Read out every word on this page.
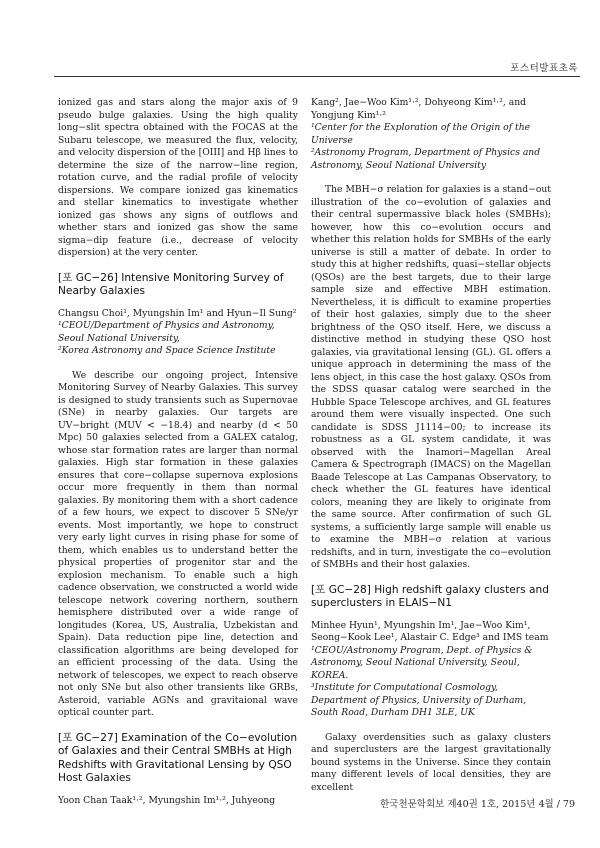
포스터발표초록

ionized gas and stars along the major axis of 9 pseudo bulge galaxies. Using the high quality long−slit spectra obtained with the FOCAS at the Subaru telescope, we measured the flux, velocity, and velocity dispersion of the [OIII] and Hβ lines to determine the size of the narrow−line region, rotation curve, and the radial profile of velocity dispersions. We compare ionized gas kinematics and stellar kinematics to investigate whether ionized gas shows any signs of outflows and whether stars and ionized gas show the same sigma−dip feature (i.e., decrease of velocity dispersion) at the very center.

[포 GC−26] Intensive Monitoring Survey of Nearby Galaxies

Changsu Choi¹, Myungshin Im¹ and Hyun−Il Sung²

¹CEOU/Department of Physics and Astronomy, Seoul National University,

²Korea Astronomy and Space Science Institute

We describe our ongoing project, Intensive Monitoring Survey of Nearby Galaxies. This survey is designed to study transients such as Supernovae (SNe) in nearby galaxies. Our targets are UV−bright (MUV < −18.4) and nearby (d < 50 Mpc) 50 galaxies selected from a GALEX catalog, whose star formation rates are larger than normal galaxies. High star formation in these galaxies ensures that core−collapse supernova explosions occur more frequently in them than normal galaxies. By monitoring them with a short cadence of a few hours, we expect to discover 5 SNe/yr events. Most importantly, we hope to construct very early light curves in rising phase for some of them, which enables us to understand better the physical properties of progenitor star and the explosion mechanism. To enable such a high cadence observation, we constructed a world wide telescope network covering northern, southern hemisphere distributed over a wide range of longitudes (Korea, US, Australia, Uzbekistan and Spain). Data reduction pipe line, detection and classification algorithms are being developed for an efficient processing of the data. Using the network of telescopes, we expect to reach observe not only SNe but also other transients like GRBs, Asteroid, variable AGNs and gravitaional wave optical counter part.

[포 GC−27] Examination of the Co−evolution of Galaxies and their Central SMBHs at High Redshifts with Gravitational Lensing by QSO Host Galaxies

Yoon Chan Taak¹·², Myungshin Im¹·², Juhyeong

Kang², Jae−Woo Kim¹·², Dohyeong Kim¹·², and Yongjung Kim¹·²

¹Center for the Exploration of the Origin of the Universe

²Astronomy Program, Department of Physics and Astronomy, Seoul National University

The MBH−σ relation for galaxies is a stand−out illustration of the co−evolution of galaxies and their central supermassive black holes (SMBHs); however, how this co−evolution occurs and whether this relation holds for SMBHs of the early universe is still a matter of debate. In order to study this at higher redshifts, quasi−stellar objects (QSOs) are the best targets, due to their large sample size and effective MBH estimation. Nevertheless, it is difficult to examine properties of their host galaxies, simply due to the sheer brightness of the QSO itself. Here, we discuss a distinctive method in studying these QSO host galaxies, via gravitational lensing (GL). GL offers a unique approach in determining the mass of the lens object, in this case the host galaxy. QSOs from the SDSS quasar catalog were searched in the Hubble Space Telescope archives, and GL features around them were visually inspected. One such candidate is SDSS J1114−00; to increase its robustness as a GL system candidate, it was observed with the Inamori−Magellan Areal Camera & Spectrograph (IMACS) on the Magellan Baade Telescope at Las Campanas Observatory, to check whether the GL features have identical colors, meaning they are likely to originate from the same source. After confirmation of such GL systems, a sufficiently large sample will enable us to examine the MBH−σ relation at various redshifts, and in turn, investigate the co−evolution of SMBHs and their host galaxies.

[포 GC−28] High redshift galaxy clusters and superclusters in ELAIS−N1

Minhee Hyun¹, Myungshin Im¹, Jae−Woo Kim¹, Seong−Kook Lee¹, Alastair C. Edge³ and IMS team

¹CEOU/Astronomy Program, Dept. of Physics & Astronomy, Seoul National University, Seoul, KOREA.

³Institute for Computational Cosmology, Department of Physics, University of Durham, South Road, Durham DH1 3LE, UK

Galaxy overdensities such as galaxy clusters and superclusters are the largest gravitationally bound systems in the Universe. Since they contain many different levels of local densities, they are excellent

한국천문학회보 제40권 1호, 2015년 4월 / 79
